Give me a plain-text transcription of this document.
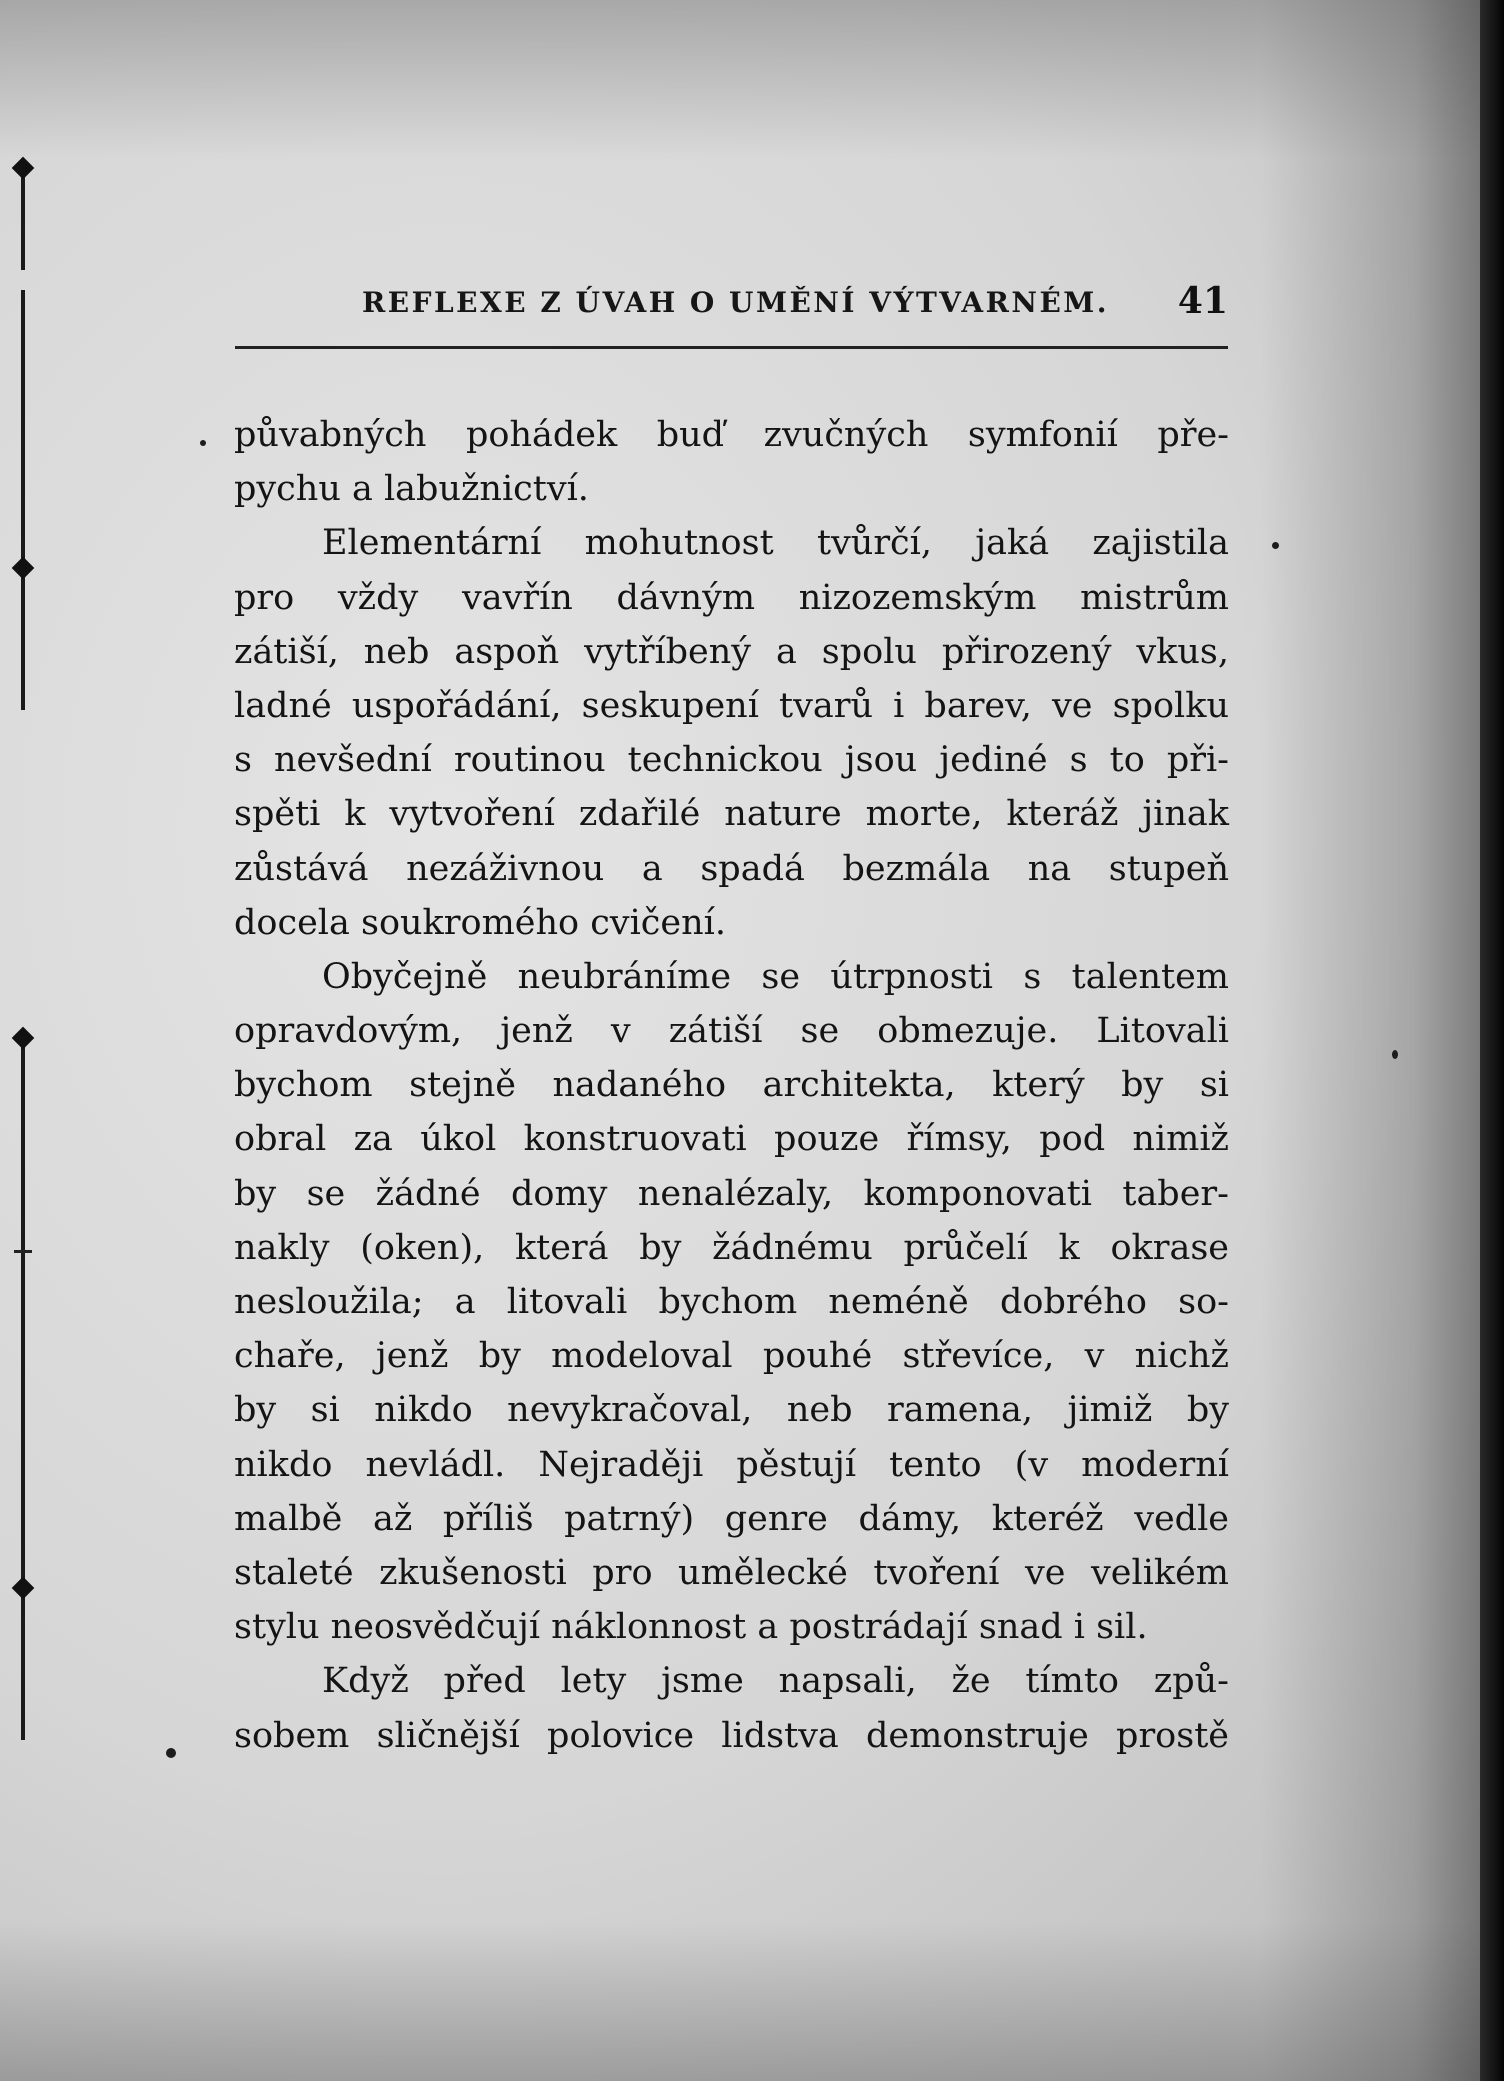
REFLEXE Z ÚVAH O UMĚNÍ VÝTVARNÉM. 41
půvabných pohádek buď zvučných symfonií pře-
pychu a labužnictví.
Elementární mohutnost tvůrčí, jaká zajistila
pro vždy vavřín dávným nizozemským mistrům
zátiší, neb aspoň vytříbený a spolu přirozený vkus,
ladné uspořádání, seskupení tvarů i barev, ve spolku
s nevšední routinou technickou jsou jediné s to při-
spěti k vytvoření zdařilé nature morte, kteráž jinak
zůstává nezáživnou a spadá bezmála na stupeň
docela soukromého cvičení.
Obyčejně neubráníme se útrpnosti s talentem
opravdovým, jenž v zátiší se obmezuje. Litovali
bychom stejně nadaného architekta, který by si
obral za úkol konstruovati pouze římsy, pod nimiž
by se žádné domy nenalézaly, komponovati taber-
nakly (oken), která by žádnému průčelí k okrase
nesloužila; a litovali bychom neméně dobrého so-
chaře, jenž by modeloval pouhé střevíce, v nichž
by si nikdo nevykračoval, neb ramena, jimiž by
nikdo nevládl. Nejraději pěstují tento (v moderní
malbě až příliš patrný) genre dámy, kteréž vedle
staleté zkušenosti pro umělecké tvoření ve velikém
stylu neosvědčují náklonnost a postrádají snad i sil.
Když před lety jsme napsali, že tímto způ-
sobem sličnější polovice lidstva demonstruje prostě
